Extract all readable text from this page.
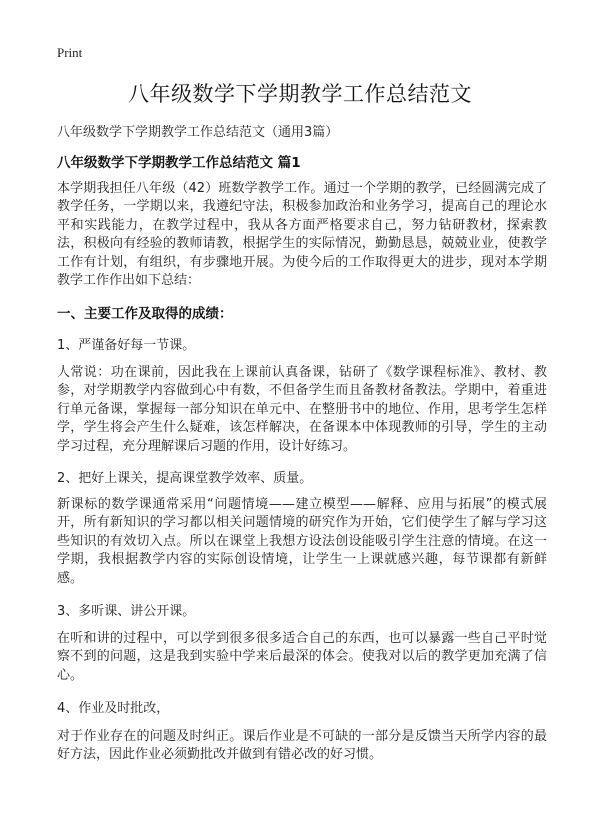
Print
八年级数学下学期教学工作总结范文
八年级数学下学期教学工作总结范文（通用3篇）
八年级数学下学期教学工作总结范文 篇1

本学期我担任八年级（42）班数学教学工作。通过一个学期的教学，已经圆满完成了教学任务，一学期以来，我遵纪守法，积极参加政治和业务学习，提高自己的理论水平和实践能力，在教学过程中，我从各方面严格要求自己，努力钻研教材，探索教法，积极向有经验的教师请教，根据学生的实际情况，勤勤恳恳，兢兢业业，使教学工作有计划，有组织，有步骤地开展。为使今后的工作取得更大的进步，现对本学期教学工作作出如下总结：

一、主要工作及取得的成绩：
1、严谨备好每一节课。

人常说：功在课前，因此我在上课前认真备课，钻研了《数学课程标准》、教材、教参，对学期教学内容做到心中有数，不但备学生而且备教材备教法。学期中，着重进行单元备课，掌握每一部分知识在单元中、在整册书中的地位、作用，思考学生怎样学，学生将会产生什么疑难，该怎样解决，在备课本中体现教师的引导，学生的主动学习过程，充分理解课后习题的作用，设计好练习。

2、把好上课关，提高课堂教学效率、质量。

新课标的数学课通常采用“问题情境——建立模型——解释、应用与拓展”的模式展开，所有新知识的学习都以相关问题情境的研究作为开始，它们使学生了解与学习这些知识的有效切入点。所以在课堂上我想方设法创设能吸引学生注意的情境。在这一学期，我根据教学内容的实际创设情境，让学生一上课就感兴趣，每节课都有新鲜感。

3、多听课、讲公开课。

在听和讲的过程中，可以学到很多很多适合自己的东西，也可以暴露一些自己平时觉察不到的问题，这是我到实验中学来后最深的体会。使我对以后的教学更加充满了信心。

4、作业及时批改，

对于作业存在的问题及时纠正。课后作业是不可缺的一部分是反馈当天所学内容的最好方法，因此作业必须勤批改并做到有错必改的好习惯。
